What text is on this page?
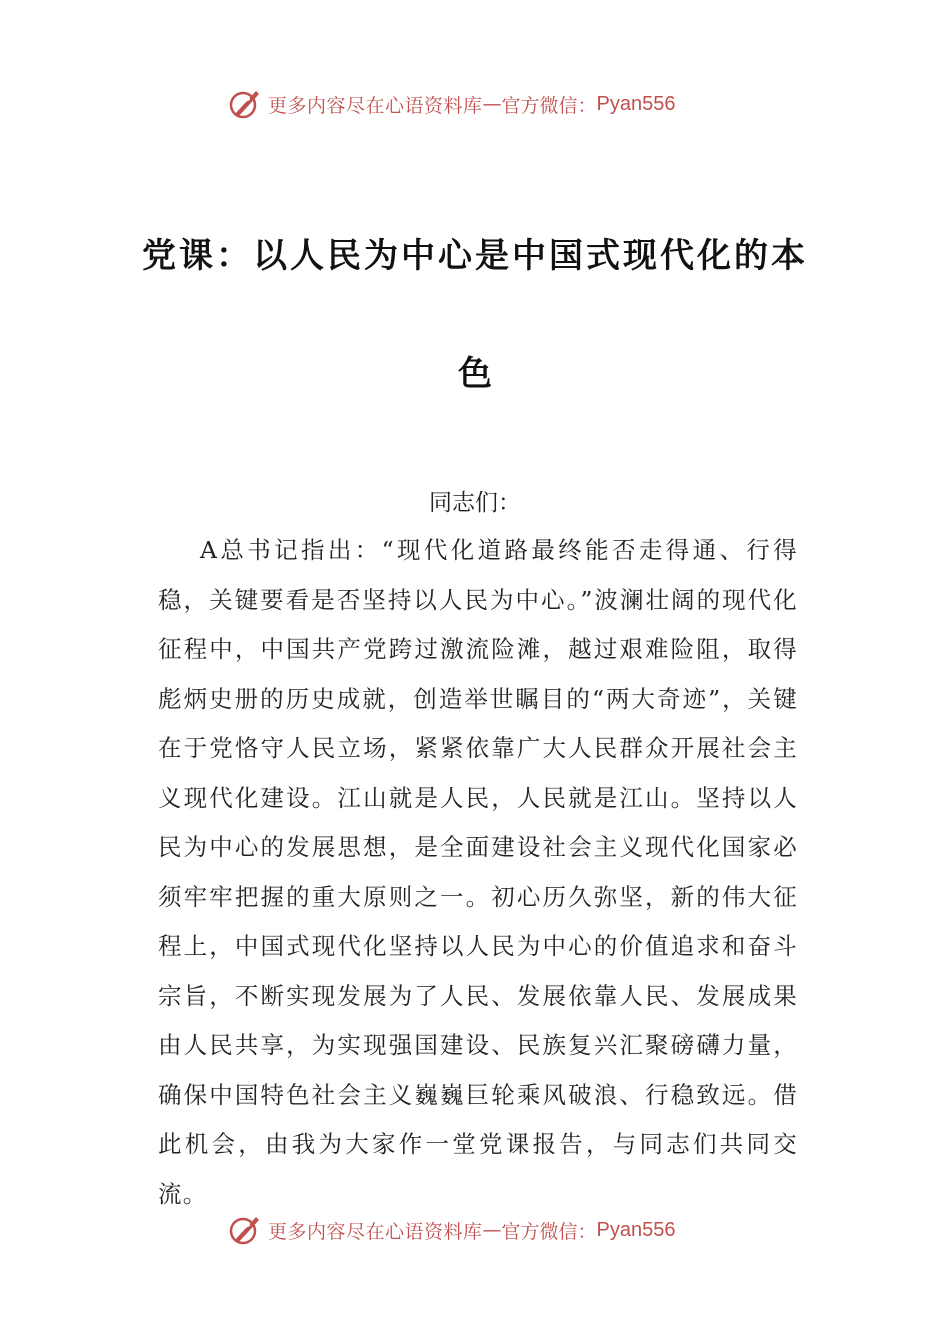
更多内容尽在心语资料库 — 官方微信： Pyan556
党课：以人民为中心是中国式现代化的本
色
同志们：

A总书记指出：“现代化道路最终能否走得通、行得稳，关键要看是否坚持以人民为中心。”波澜壮阔的现代化征程中，中国共产党跨过激流险滩，越过艰难险阻，取得彪炳史册的历史成就，创造举世瞩目的“两大奇迹”，关键在于党恪守人民立场，紧紧依靠广大人民群众开展社会主义现代化建设。江山就是人民，人民就是江山。坚持以人民为中心的发展思想，是全面建设社会主义现代化国家必须牢牢把握的重大原则之一。初心历久弥坚，新的伟大征程上，中国式现代化坚持以人民为中心的价值追求和奋斗宗旨，不断实现发展为了人民、发展依靠人民、发展成果由人民共享，为实现强国建设、民族复兴汇聚磅礴力量，确保中国特色社会主义巍巍巨轮乘风破浪、行稳致远。借此机会，由我为大家作一堂党课报告，与同志们共同交流。

更多内容尽在心语资料库 — 官方微信： Pyan556
